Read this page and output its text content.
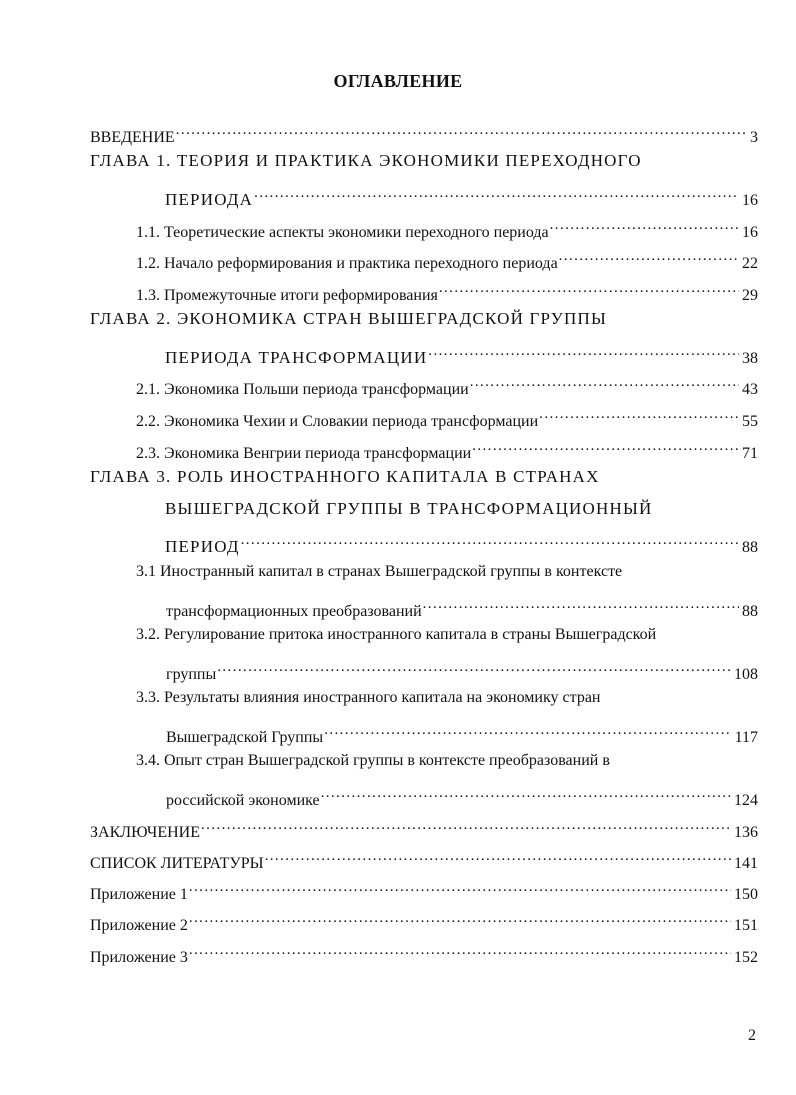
ОГЛАВЛЕНИЕ
ВВЕДЕНИЕ .....	3
ГЛАВА 1. ТЕОРИЯ И ПРАКТИКА ЭКОНОМИКИ ПЕРЕХОДНОГО
ПЕРИОДА .....	16
1.1. Теоретические аспекты экономики переходного периода .....	16
1.2. Начало реформирования и практика переходного периода .....	22
1.3. Промежуточные итоги реформирования .....	29
ГЛАВА 2. ЭКОНОМИКА СТРАН ВЫШЕГРАДСКОЙ ГРУППЫ
ПЕРИОДА ТРАНСФОРМАЦИИ .....	38
2.1. Экономика Польши периода трансформации .....	43
2.2. Экономика Чехии и Словакии периода трансформации .....	55
2.3. Экономика Венгрии периода трансформации .....	71
ГЛАВА 3. РОЛЬ ИНОСТРАННОГО КАПИТАЛА В СТРАНАХ
ВЫШЕГРАДСКОЙ ГРУППЫ В ТРАНСФОРМАЦИОННЫЙ
ПЕРИОД .....	88
3.1 Иностранный капитал в странах Вышеградской группы в контексте
трансформационных преобразований .....	88
3.2. Регулирование притока иностранного капитала в страны Вышеградской
группы .....	108
3.3. Результаты влияния иностранного капитала на экономику стран
Вышеградской Группы .....	117
3.4. Опыт стран Вышеградской группы в контексте преобразований в
российской экономике .....	124
ЗАКЛЮЧЕНИЕ .....	136
СПИСОК ЛИТЕРАТУРЫ .....	141
Приложение 1 .....	150
Приложение 2 .....	151
Приложение 3 .....	152
2
